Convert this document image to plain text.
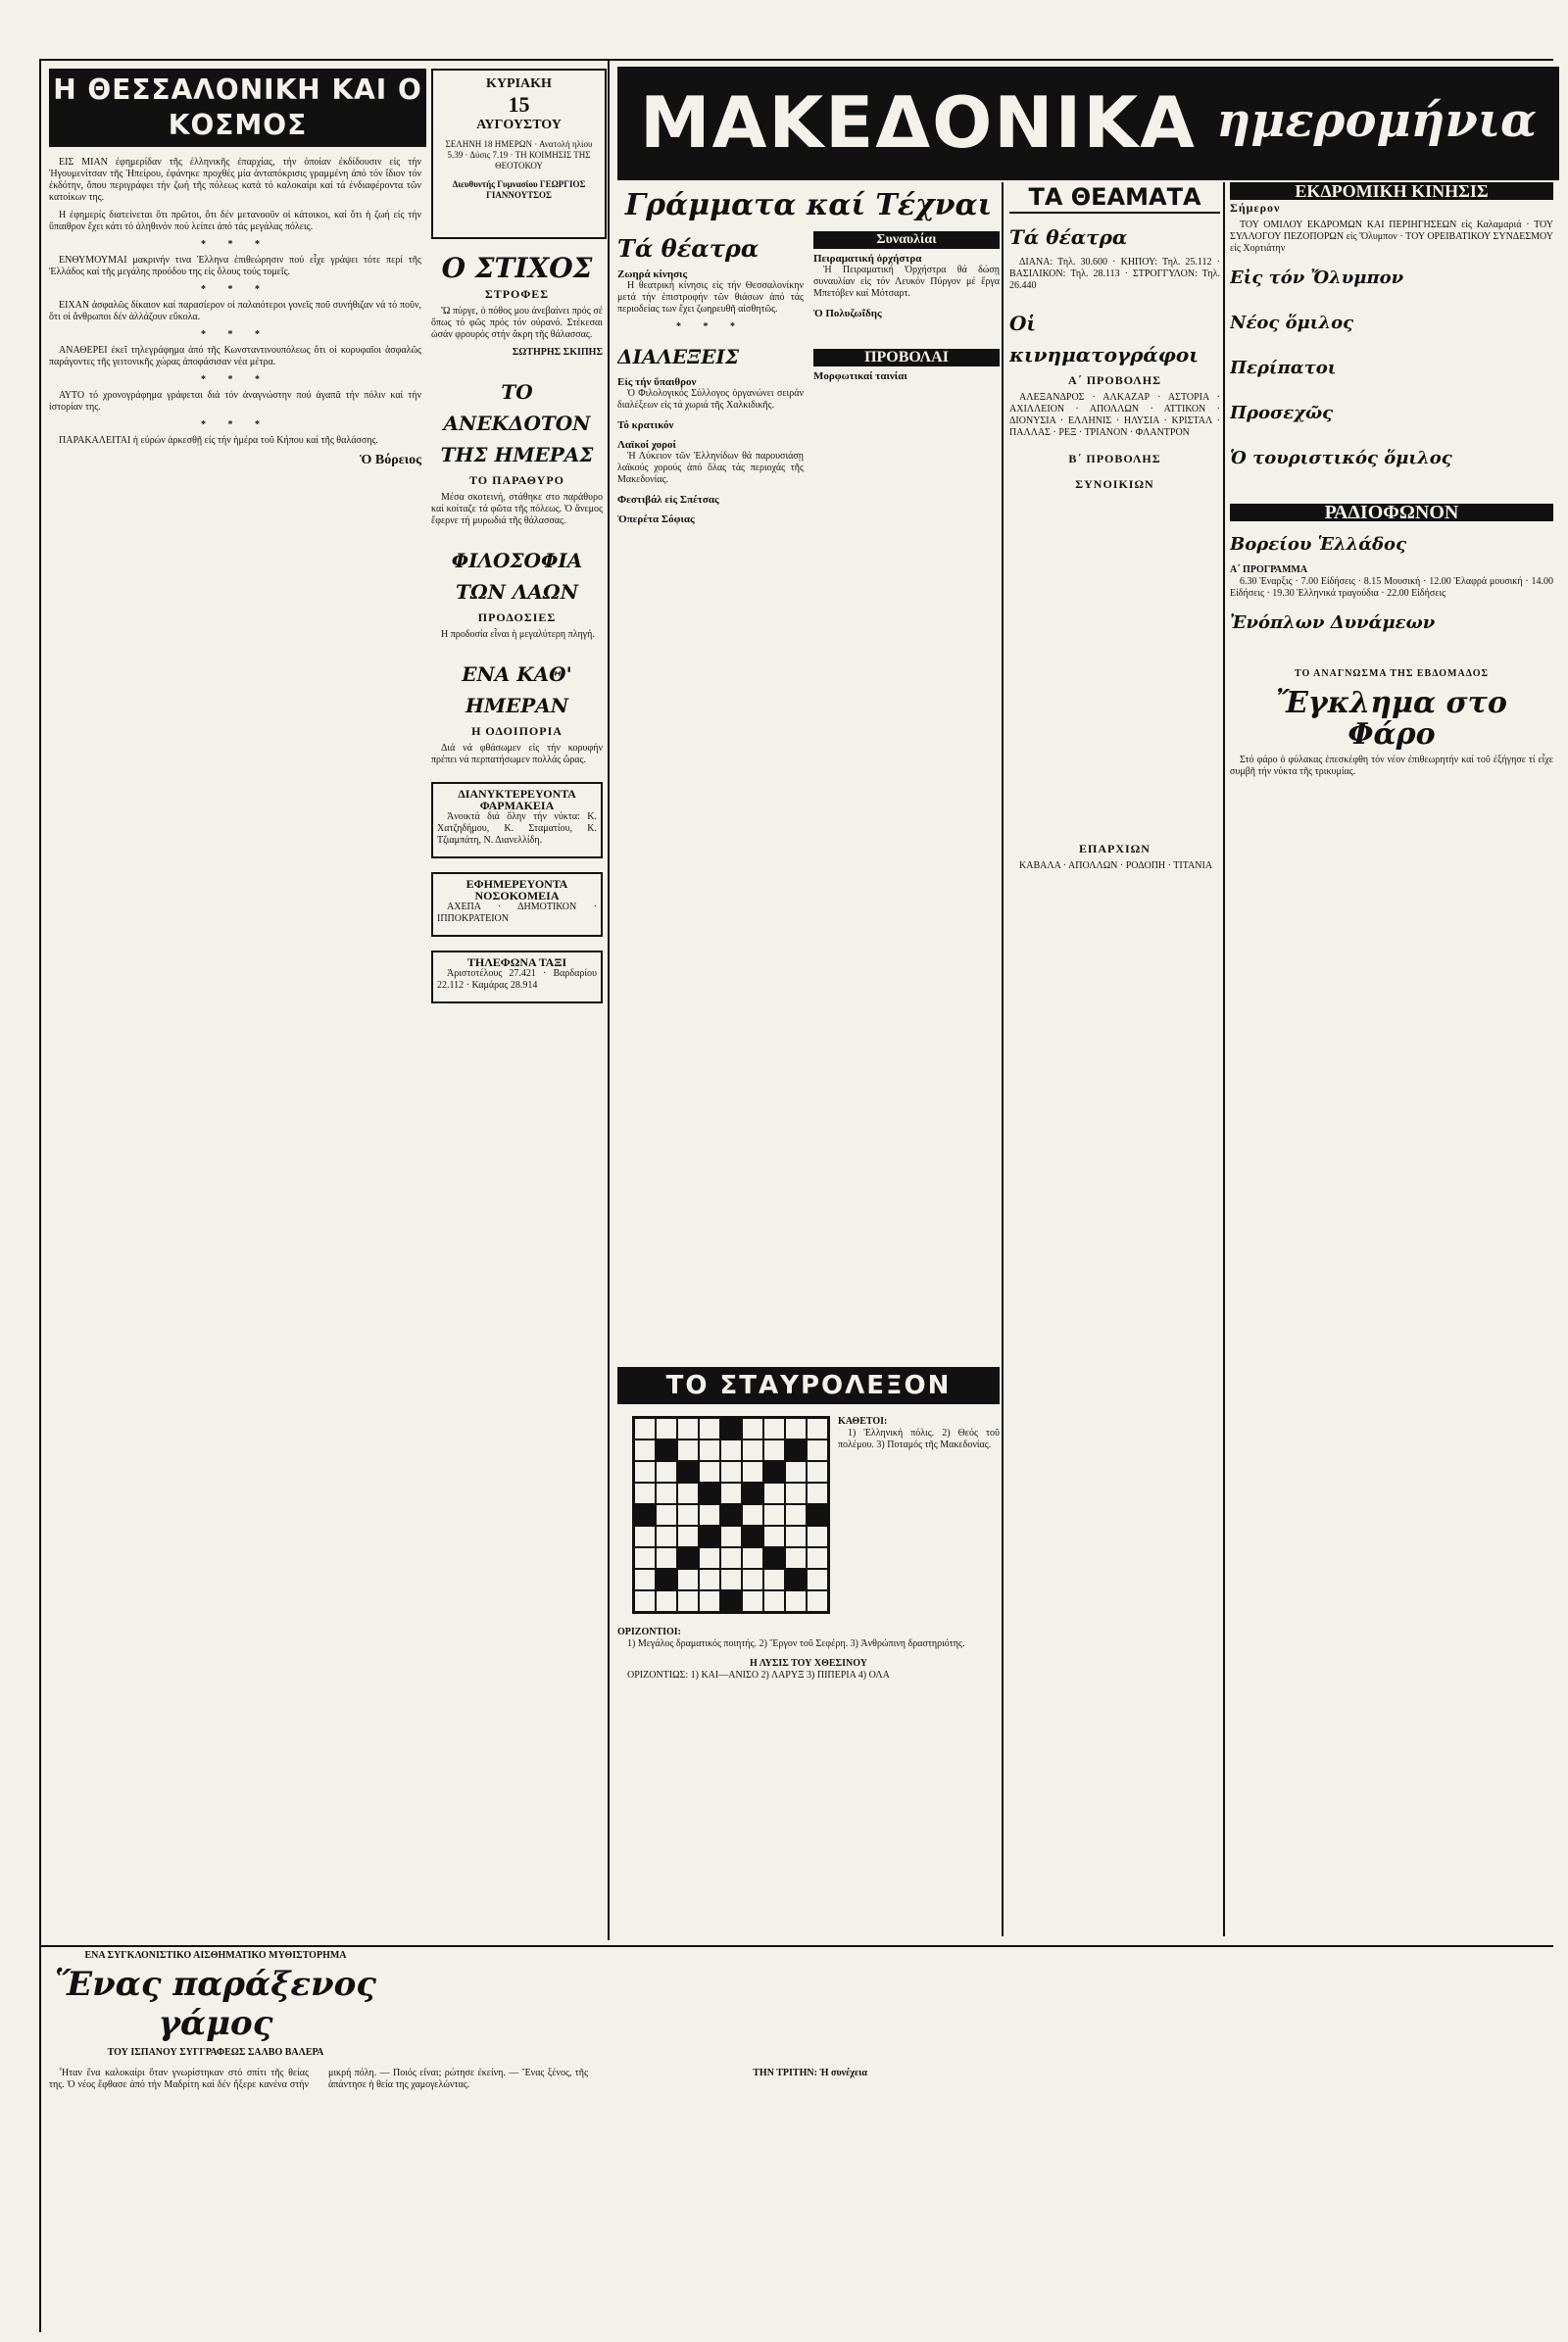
Η ΘΕΣΣΑΛΟΝΙΚΗ ΚΑΙ Ο ΚΟΣΜΟΣ

ΕΙΣ ΜΙΑΝ ἐφημερίδαν τῆς ἑλληνικῆς ἐπαρχίας, τήν ὁποίαν ἐκδίδουσιν εἰς τήν Ἡγουμενίτσαν τῆς Ἠπείρου, ἐφάνηκε προχθές μία ἀνταπόκρισις γραμμένη ἀπό τόν ἴδιον τόν ἐκδότην, ὅπου περιγράφει τήν ζωή τῆς πόλεως κατά τό καλοκαίρι καί τά ἐνδιαφέροντα τῶν κατοίκων της.

Η ἐφημερίς διατείνεται ὅτι πρῶτοι, ὅτι δέν μετανοοῦν οἱ κάτοικοι, καί ὅτι ἡ ζωή εἰς τήν ὕπαιθρον ἔχει κάτι τό ἀληθινόν πού λείπει ἀπό τάς μεγάλας πόλεις.

* * *

ΕΝΘΥΜΟΥΜΑΙ μακρινήν τινα Ἑλληνα ἐπιθεώρησιν πού εἶχε γράψει τότε περί τῆς Ἑλλάδος καί τῆς μεγάλης προόδου της εἰς ὅλους τούς τομεῖς.

* * *

ΕΙΧΑΝ ἀσφαλῶς δίκαιον καί παρασίερον οἱ παλαιότεροι γονεῖς ποῦ συνήθιζαν νά τό ποῦν, ὅτι οἱ ἄνθρωποι δέν ἀλλάζουν εὔκολα.

* * *

ΑΝΑΘΕΡΕΙ ἐκεῖ τηλεγράφημα ἀπό τῆς Κωνσταντινουπόλεως ὅτι οἱ κορυφαῖοι ἀσφαλῶς παράγοντες τῆς γειτονικῆς χώρας ἀποφάσισαν νέα μέτρα.

* * *

ΑΥΤΟ τό χρονογράφημα γράφεται διά τόν ἀναγνώστην πού ἀγαπᾶ τήν πόλιν καί τήν ἱστορίαν της.

* * *

ΠΑΡΑΚΑΛΕΙΤΑΙ ἡ εὐρών ἀρκεσθῇ εἰς τήν ἡμέρα τοῦ Κήπου καί τῆς θαλάσσης.

Ὁ Βόρειος
ΚΥΡΙΑΚΗ
15
ΑΥΓΟΥΣΤΟΥ
ΣΕΛΗΝΗ 18 ΗΜΕΡΩΝ · Ανατολή ηλίου 5.39 · Δύσις 7.19 · ΤΗ ΚΟΙΜΗΣΙΣ ΤΗΣ ΘΕΟΤΟΚΟΥ
Διευθυντής Γυμνασίου ΓΕΩΡΓΙΟΣ ΓΙΑΝΝΟΥΤΣΟΣ
Ο ΣΤΙΧΟΣ
ΣΤΡΟΦΕΣ

Ὤ πύργε, ὁ πόθος μου ἀνεβαίνει πρός σέ ὅπως τό φῶς πρός τόν οὐρανό. Στέκεσαι ὡσάν φρουρός στήν ἄκρη τῆς θάλασσας.

ΣΩΤΗΡΗΣ ΣΚΙΠΗΣ
ΤΟ ΑΝΕΚΔΟΤΟΝ ΤΗΣ ΗΜΕΡΑΣ
ΤΟ ΠΑΡΑΘΥΡΟ

Μέσα σκοτεινή, στάθηκε στο παράθυρο καί κοίταζε τά φῶτα τῆς πόλεως. Ὁ ἄνεμος ἔφερνε τή μυρωδιά τῆς θάλασσας.

ΦΙΛΟΣΟΦΙΑ ΤΩΝ ΛΑΩΝ
ΠΡΟΔΟΣΙΕΣ

Η προδοσία εἶναι ἡ μεγαλύτερη πληγή.

ΕΝΑ ΚΑΘ' ΗΜΕΡΑΝ
Η ΟΔΟΙΠΟΡΙΑ

Διά νά φθάσωμεν εἰς τήν κορυφήν πρέπει νά περπατήσωμεν πολλάς ὥρας.

ΔΙΑΝΥΚΤΕΡΕΥΟΝΤΑ ΦΑΡΜΑΚΕΙΑ

Ἀνοικτά διά ὅλην τήν νύκτα: Κ. Χατζηδήμου, Κ. Σταματίου, Κ. Τζιαμπάτη, Ν. Διανελλίδη.

ΕΦΗΜΕΡΕΥΟΝΤΑ ΝΟΣΟΚΟΜΕΙΑ

ΑΧΕΠΑ · ΔΗΜΟΤΙΚΟΝ · ΙΠΠΟΚΡΑΤΕΙΟΝ

ΤΗΛΕΦΩΝΑ ΤΑΞΙ

Ἀριστοτέλους 27.421 · Βαρδαρίου 22.112 · Καμάρας 28.914

ΜΑΚΕΔΟΝΙΚΑ ημερομήνια
Γράμματα καί Τέχναι
Τά θέατρα
Ζωηρά κίνησις

Η θεατρική κίνησις εἰς τήν Θεσσαλονίκην μετά τήν ἐπιστροφήν τῶν θιάσων ἀπό τάς περιοδείας των ἔχει ζωηρευθῆ αἰσθητῶς.

* * *
ΔΙΑΛΕΞΕΙΣ
Εἰς τήν ὕπαιθρον

Ὁ Φιλολογικός Σύλλογος ὀργανώνει σειράν διαλέξεων εἰς τά χωριά τῆς Χαλκιδικῆς.

Τό κρατικόν
Λαϊκοί χοροί

Ἡ Λύκειον τῶν Ἑλληνίδων θά παρουσιάσῃ λαϊκούς χορούς ἀπό ὅλας τάς περιοχάς τῆς Μακεδονίας.

Φεστιβάλ εἰς Σπέτσας
Ὀπερέτα Σόφιας
Συναυλίαι
Πειραματική ὀρχήστρα

Ἡ Πειραματική Ὀρχήστρα θά δώσῃ συναυλίαν εἰς τόν Λευκόν Πύργον μέ ἔργα Μπετόβεν καί Μότσαρτ.

Ὁ Πολυζωΐδης
ΠΡΟΒΟΛΑΙ
Μορφωτικαί ταινίαι
ΤΟ ΣΤΑΥΡΟΛΕΞΟΝ
ΚΑΘΕΤΟΙ:

1) Ἑλληνική πόλις. 2) Θεός τοῦ πολέμου. 3) Ποταμός τῆς Μακεδονίας.

ΟΡΙΖΟΝΤΙΟΙ:

1) Μεγάλος δραματικός ποιητής. 2) Ἔργον τοῦ Σεφέρη. 3) Ἀνθρώπινη δραστηριότης.

Η ΛΥΣΙΣ ΤΟΥ ΧΘΕΣΙΝΟΥ

ΟΡΙΖΟΝΤΙΩΣ: 1) ΚΑΙ—ΑΝΙΣΟ 2) ΛΑΡΥΞ 3) ΠΙΠΕΡΙΑ 4) ΟΛΑ

ΤΑ ΘΕΑΜΑΤΑ
Τά θέατρα

ΔΙΑΝΑ: Τηλ. 30.600 · ΚΗΠΟΥ: Τηλ. 25.112 · ΒΑΣΙΛΙΚΟΝ: Τηλ. 28.113 · ΣΤΡΟΓΓΥΛΟΝ: Τηλ. 26.440

Οἱ κινηματογράφοι
Α΄ ΠΡΟΒΟΛΗΣ

ΑΛΕΞΑΝΔΡΟΣ · ΑΛΚΑΖΑΡ · ΑΣΤΟΡΙΑ · ΑΧΙΛΛΕΙΟΝ · ΑΠΟΛΛΩΝ · ΑΤΤΙΚΟΝ · ΔΙΟΝΥΣΙΑ · ΕΛΛΗΝΙΣ · ΗΛΥΣΙΑ · ΚΡΙΣΤΑΛ · ΠΑΛΛΑΣ · ΡΕΞ · ΤΡΙΑΝΟΝ · ΦΛΑΝΤΡΟΝ

Β΄ ΠΡΟΒΟΛΗΣ
ΣΥΝΟΙΚΙΩΝ
ΕΠΑΡΧΙΩΝ

ΚΑΒΑΛΑ · ΑΠΟΛΛΩΝ · ΡΟΔΟΠΗ · ΤΙΤΑΝΙΑ

ΕΚΔΡΟΜΙΚΗ ΚΙΝΗΣΙΣ
Σήμερον

ΤΟΥ ΟΜΙΛΟΥ ΕΚΔΡΟΜΩΝ ΚΑΙ ΠΕΡΙΗΓΗΣΕΩΝ εἰς Καλαμαριά · ΤΟΥ ΣΥΛΛΟΓΟΥ ΠΕΖΟΠΟΡΩΝ εἰς Ὄλυμπον · ΤΟΥ ΟΡΕΙΒΑΤΙΚΟΥ ΣΥΝΔΕΣΜΟΥ εἰς Χορτιάτην

Εἰς τόν Ὄλυμπον
Νέος ὅμιλος
Περίπατοι
Προσεχῶς
Ὁ τουριστικός ὅμιλος
ΡΑΔΙΟΦΩΝΟΝ
Βορείου Ἑλλάδος
Α΄ ΠΡΟΓΡΑΜΜΑ

6.30 Ἐναρξις · 7.00 Εἰδήσεις · 8.15 Μουσική · 12.00 Ἐλαφρά μουσική · 14.00 Εἰδήσεις · 19.30 Ἑλληνικά τραγούδια · 22.00 Εἰδήσεις

Ἐνόπλων Δυνάμεων
ΤΟ ΑΝΑΓΝΩΣΜΑ ΤΗΣ ΕΒΔΟΜΑΔΟΣ
Ἔγκλημα στο Φάρο

Στό φάρο ὁ φύλακας ἐπεσκέφθη τόν νέον ἐπιθεωρητήν καί τοῦ ἐξήγησε τί εἶχε συμβῆ τήν νύκτα τῆς τρικυμίας.

ΕΝΑ ΣΥΓΚΛΟΝΙΣΤΙΚΟ ΑΙΣΘΗΜΑΤΙΚΟ ΜΥΘΙΣΤΟΡΗΜΑ
Ἕνας παράξενος γάμος
ΤΟΥ ΙΣΠΑΝΟΥ ΣΥΓΓΡΑΦΕΩΣ ΣΑΛΒΟ ΒΑΛΕΡΑ

Ἦταν ἕνα καλοκαίρι ὅταν γνωρίστηκαν στό σπίτι τῆς θείας της. Ὁ νέος ἔφθασε ἀπό τήν Μαδρίτη καί δέν ἤξερε κανένα στήν μικρή πόλη. — Ποιός εἶναι; ρώτησε ἐκείνη. — Ἕνας ξένος, τῆς ἀπάντησε ἡ θεία της χαμογελώντας.

ΤΗΝ ΤΡΙΤΗΝ: Ἡ συνέχεια
